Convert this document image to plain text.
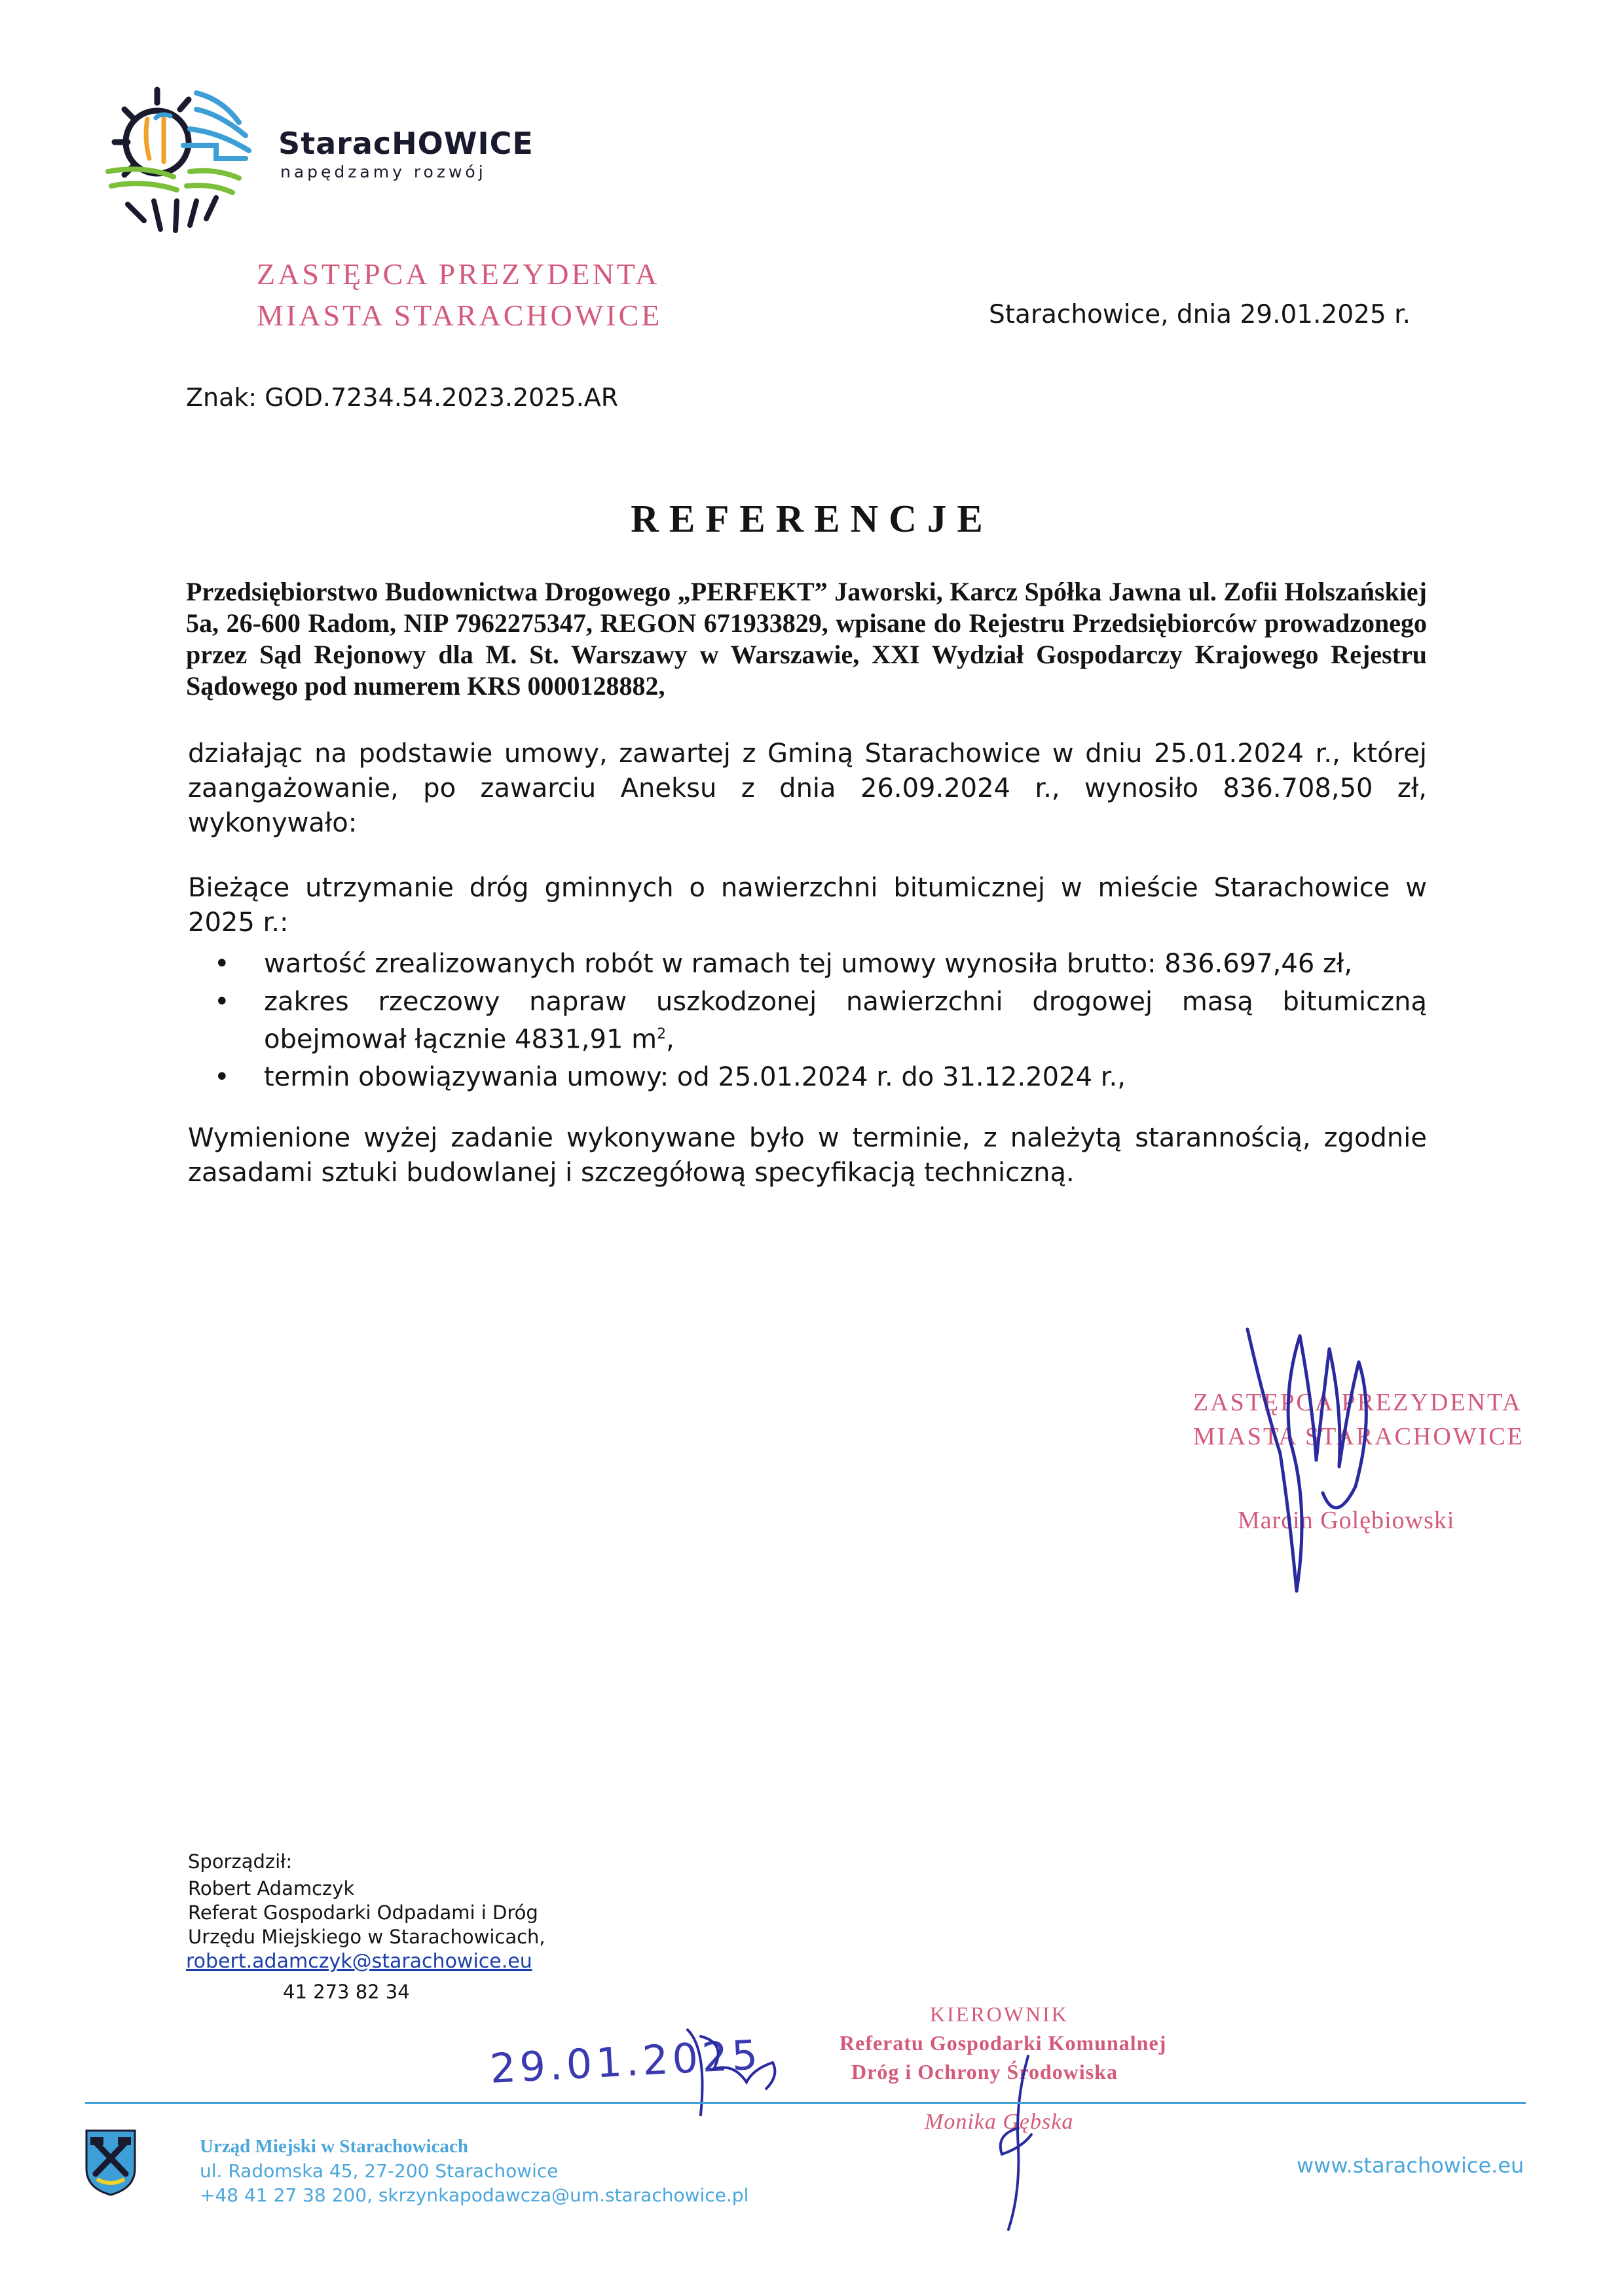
StaracHOWICE
napędzamy rozwój
ZASTĘPCA PREZYDENTA
MIASTA STARACHOWICE	Starachowice, dnia 29.01.2025 r.
Znak: GOD.7234.54.2023.2025.AR
REFERENCJE
Przedsiębiorstwo Budownictwa Drogowego „PERFEKT” Jaworski, Karcz Spółka Jawna ul. Zofii Holszańskiej 5a, 26-600 Radom, NIP 7962275347, REGON 671933829, wpisane do Rejestru Przedsiębiorców prowadzonego przez Sąd Rejonowy dla M. St. Warszawy w Warszawie, XXI Wydział Gospodarczy Krajowego Rejestru Sądowego pod numerem KRS 0000128882,
działając na podstawie umowy, zawartej z Gminą Starachowice w dniu 25.01.2024 r., której zaangażowanie, po zawarciu Aneksu z dnia 26.09.2024 r., wynosiło 836.708,50 zł, wykonywało:
Bieżące utrzymanie dróg gminnych o nawierzchni bitumicznej w mieście Starachowice w 2025 r.:
• wartość zrealizowanych robót w ramach tej umowy wynosiła brutto: 836.697,46 zł,
• zakres rzeczowy napraw uszkodzonej nawierzchni drogowej masą bitumiczną obejmował łącznie 4831,91 $m^2$,
• termin obowiązywania umowy: od 25.01.2024 r. do 31.12.2024 r.,
Wymienione wyżej zadanie wykonywane było w terminie, z należytą starannością, zgodnie zasadami sztuki budowlanej i szczegółową specyfikacją techniczną.
ZASTĘPCA PREZYDENTA
MIASTA STARACHOWICE
Marcin Golębiowski
Sporządził:
Robert Adamczyk
Referat Gospodarki Odpadami i Dróg
Urzędu Miejskiego w Starachowicach,
robert.adamczyk@starachowice.eu
41 273 82 34
29.01.2025
KIEROWNIK
Referatu Gospodarki Komunalnej
Dróg i Ochrony Środowiska
Monika Gębska
Urząd Miejski w Starachowicach
ul. Radomska 45, 27-200 Starachowice
+48 41 27 38 200, skrzynkapodawcza@um.starachowice.pl
www.starachowice.eu
